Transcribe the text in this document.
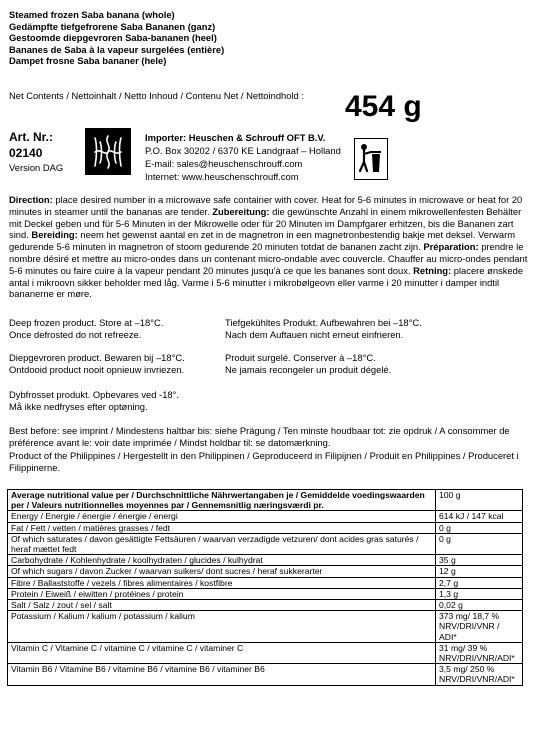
Steamed frozen Saba banana (whole)
Gedämpfte tiefgefrorene Saba Bananen (ganz)
Gestoomde diepgevroren Saba-bananen (heel)
Bananes de Saba à la vapeur surgelées (entière)
Dampet frosne Saba bananer (hele)
Net Contents / Nettoinhalt / Netto Inhoud / Contenu Net / Nettoindhold : 454 g
Art. Nr.:
02140
Version DAG
Importer: Heuschen & Schrouff OFT B.V.
P.O. Box 30202 / 6370 KE Landgraaf – Holland
E-mail: sales@heuschenschrouff.com
Internet: www.heuschenschrouff.com
Direction: place desired number in a microwave safe container with cover. Heat for 5-6 minutes in microwave or heat for 20 minutes in steamer until the bananas are tender. Zubereitung: die gewünschte Anzahl in einem mikrowellenfesten Behälter mit Deckel geben und für 5-6 Minuten in der Mikrowelle oder für 20 Minuten im Dampfgarer erhitzen, bis die Bananen zart sind. Bereiding: neem het gewenst aantal en zet in de magnetron in een magnetronbestendig bakje met deksel. Verwarm gedurende 5-6 minuten in magnetron of stoom gedurende 20 minuten totdat de bananen zacht zijn. Préparation: prendre le nombre désiré et mettre au micro-ondes dans un contenant micro-ondable avec couvercle. Chauffer au micro-ondes pendant 5-6 minutes ou faire cuire à la vapeur pendant 20 minutes jusqu'à ce que les bananes sont doux. Retning: placere ønskede antal i mikroovn sikker beholder med låg. Varme i 5-6 minutter i mikrobølgeovn eller varme i 20 minutter i damper indtil bananerne er møre.
Deep frozen product. Store at –18°C.
Once defrosted do not refreeze.
Tiefgekühltes Produkt. Aufbewahren bei –18°C.
Nach dem Auftauen nicht erneut einfrieren.
Diepgevroren product. Bewaren bij –18°C.
Ontdooid product nooit opnieuw invriezen.
Produit surgelé. Conserver à –18°C.
Ne jamais recongeler un produit dégelé.
Dybfrosset produkt. Opbevares ved -18°.
Må ikke nedfryses efter optøning.
Best before: see imprint / Mindestens haltbar bis: siehe Prägung / Ten minste houdbaar tot: zie opdruk / A consommer de préférence avant le: voir date imprimée / Mindst holdbar til: se datomærkning.
Product of the Philippines / Hergestellt in den Philippinen / Geproduceerd in Filipijnen / Produit en Philippines / Produceret i Filippinerne.
Average nutritional value per / Durchschnittliche Nährwertangaben je / Gemiddelde voedingswaarden per / Valeurs nutritionnelles moyennes par / Gennemsnitlig næringsværdi pr.	100 g
Energy / Energie / énergie / énergie / energi	614 kJ / 147 kcal
Fat / Fett / vetten / matières grasses / fedt	0 g
Of which saturates / davon gesättigte Fettsäuren / waarvan verzadigde vetzuren/ dont acides gras saturés / heraf mættet fedt	0 g
Carbohydrate / Kohlenhydrate / koolhydraten / glucides / kulhydrat	35 g
Of which sugars / davon Zucker / waarvan suikers/ dont sucres / heraf sukkerarter	12 g
Fibre / Ballaststoffe / vezels / fibres alimentaires / kostfibre	2,7 g
Protein / Eiweiß / eiwitten / protéines / protein	1,3 g
Salt / Salz / zout / sel / salt	0,02 g
Potassium / Kalium / kalium / potassium / kalium	373 mg/ 18,7 % NRV/DRI/VNR / ADI*
Vitamin C / Vitamine C / vitamine C / vitamine C / vitaminer C	31 mg/ 39 % NRV/DRI/VNR/ADI*
Vitamin B6 / Vitamine B6 / vitamine B6 / vitamine B6 / vitaminer B6	3,5 mg/ 250 % NRV/DRI/VNR/ADI*
